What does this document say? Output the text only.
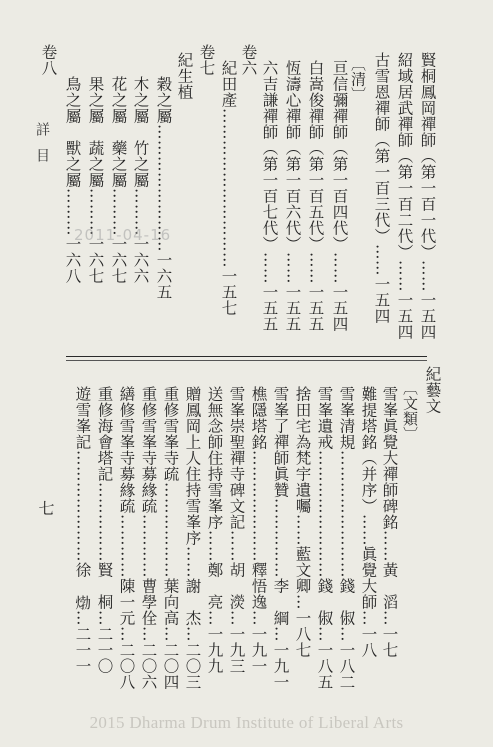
詳目	賢桐鳳岡禪師（第一百一代）……一五四
紹域居武禪師（第一百二代）……一五四
古雪恩禪師（第一百三代）……一五四
〔清〕
亘信彌禪師（第一百四代）……一五四
白嵩俊禪師（第一百五代）……一五五
恆濤心禪師（第一百六代）……一五五
六吉謙禪師（第一百七代）……一五五
卷六
紀田產…………………………一五七
卷七
紀生植
穀之屬……………………一六五
木之屬　竹之屬………一六六
花之屬　藥之屬………一六七
果之屬　蔬之屬………一六七
鳥之屬　獸之屬………一六八
卷八
2011-04-16
紀藝文
〔文類〕
雪峯眞覺大禪師碑銘……黃　滔…一七
難提塔銘（并序）……眞覺大師…一八
雪峯清規……………………錢　俶…一八二
雪峯遺戒……………………錢　俶…一八五
捨田宅為梵宇遺囑……藍文卿…一八七
雪峯了禪師眞贊……………李　綱…一九一
樵隱塔銘…………………釋悟逸…一九一
雪峯崇聖禪寺碑文記……胡　濙…一九三
送無念師住持雪峯序……鄭　亮…一九九
贈鳳岡上人住持雪峯序……謝　杰…二〇三
重修雪峯寺疏………………葉向高…二〇四
重修雪峯寺募緣疏…………曹學佺…二〇六
繕修雪峯寺募緣疏…………陳一元…二〇八
重修海會塔記……………賢　桐…二一〇
遊雪峯記…………………徐　𤊹…二一一
七
2015 Dharma Drum Institute of Liberal Arts
